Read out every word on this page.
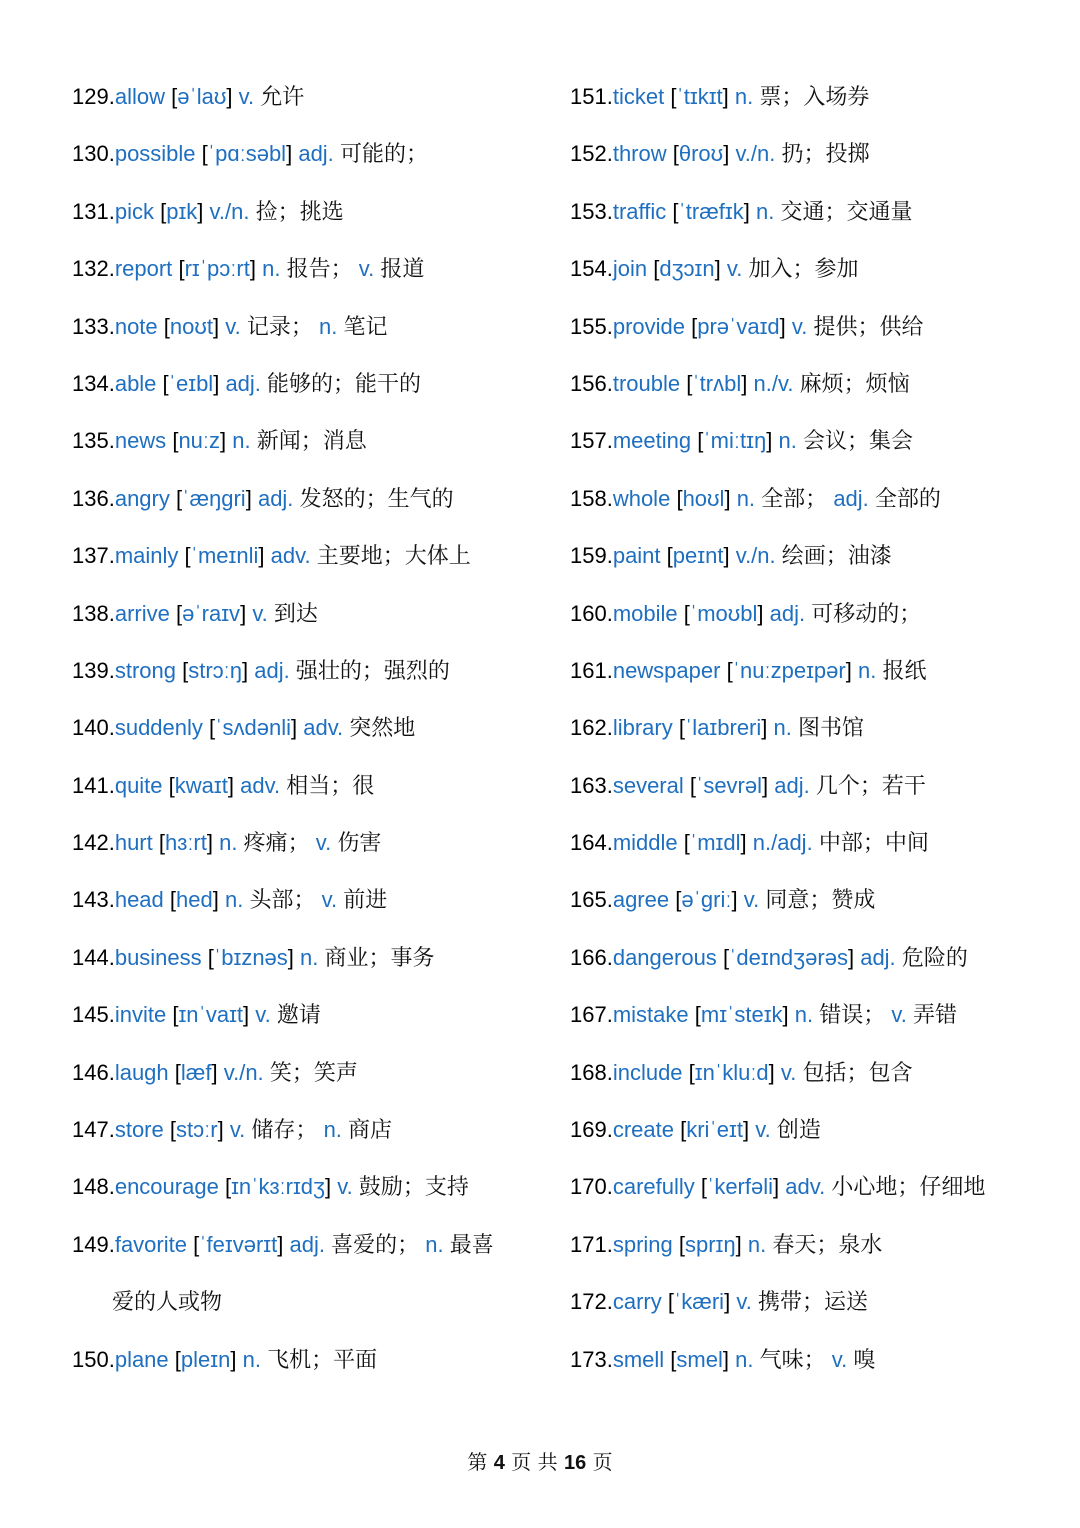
129.allow [əˈlaʊ] v. 允许
130.possible [ˈpɑːsəbl] adj. 可能的；
131.pick [pɪk] v./n. 捡；挑选
132.report [rɪˈpɔːrt] n. 报告； v. 报道
133.note [noʊt] v. 记录； n. 笔记
134.able [ˈeɪbl] adj. 能够的；能干的
135.news [nuːz] n. 新闻；消息
136.angry [ˈæŋgri] adj. 发怒的；生气的
137.mainly [ˈmeɪnli] adv. 主要地；大体上
138.arrive [əˈraɪv] v. 到达
139.strong [strɔːŋ] adj. 强壮的；强烈的
140.suddenly [ˈsʌdənli] adv. 突然地
141.quite [kwaɪt] adv. 相当；很
142.hurt [hɜːrt] n. 疼痛； v. 伤害
143.head [hed] n. 头部； v. 前进
144.business [ˈbɪznəs] n. 商业；事务
145.invite [ɪnˈvaɪt] v. 邀请
146.laugh [læf] v./n. 笑；笑声
147.store [stɔːr] v. 储存； n. 商店
148.encourage [ɪnˈkɜːrɪdʒ] v. 鼓励；支持
149.favorite [ˈfeɪvərɪt] adj. 喜爱的； n. 最喜
爱的人或物
150.plane [pleɪn] n. 飞机；平面
151.ticket [ˈtɪkɪt] n. 票；入场券
152.throw [θroʊ] v./n. 扔；投掷
153.traffic [ˈtræfɪk] n. 交通；交通量
154.join [dʒɔɪn] v. 加入；参加
155.provide [prəˈvaɪd] v. 提供；供给
156.trouble [ˈtrʌbl] n./v. 麻烦；烦恼
157.meeting [ˈmiːtɪŋ] n. 会议；集会
158.whole [hoʊl] n. 全部； adj. 全部的
159.paint [peɪnt] v./n. 绘画；油漆
160.mobile [ˈmoʊbl] adj. 可移动的；
161.newspaper [ˈnuːzpeɪpər] n. 报纸
162.library [ˈlaɪbreri] n. 图书馆
163.several [ˈsevrəl] adj. 几个；若干
164.middle [ˈmɪdl] n./adj. 中部；中间
165.agree [əˈgriː] v. 同意；赞成
166.dangerous [ˈdeɪndʒərəs] adj. 危险的
167.mistake [mɪˈsteɪk] n. 错误； v. 弄错
168.include [ɪnˈkluːd] v. 包括；包含
169.create [kriˈeɪt] v. 创造
170.carefully [ˈkerfəli] adv. 小心地；仔细地
171.spring [sprɪŋ] n. 春天；泉水
172.carry [ˈkæri] v. 携带；运送
173.smell [smel] n. 气味； v. 嗅
第 4 页 共 16 页
